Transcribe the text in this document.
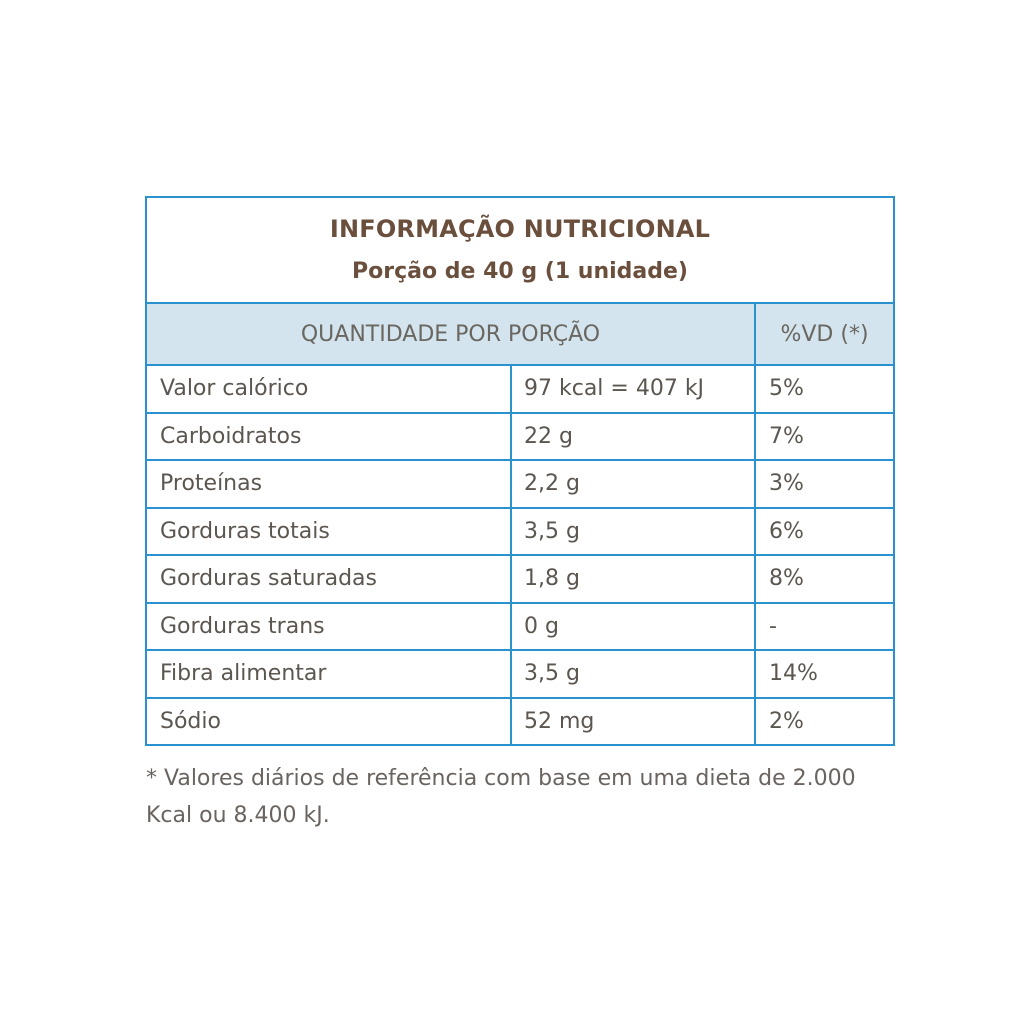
INFORMAÇÃO NUTRICIONAL
Porção de 40 g (1 unidade)		

QUANTIDADE POR PORÇÃO		%VD (*)
Valor calórico	97 kcal = 407 kJ	5%
Carboidratos	22 g	7%
Proteínas	2,2 g	3%
Gorduras totais	3,5 g	6%
Gorduras saturadas	1,8 g	8%
Gorduras trans	0 g	-
Fibra alimentar	3,5 g	14%
Sódio	52 mg	2%

* Valores diários de referência com base em uma dieta de 2.000 Kcal ou 8.400 kJ.
